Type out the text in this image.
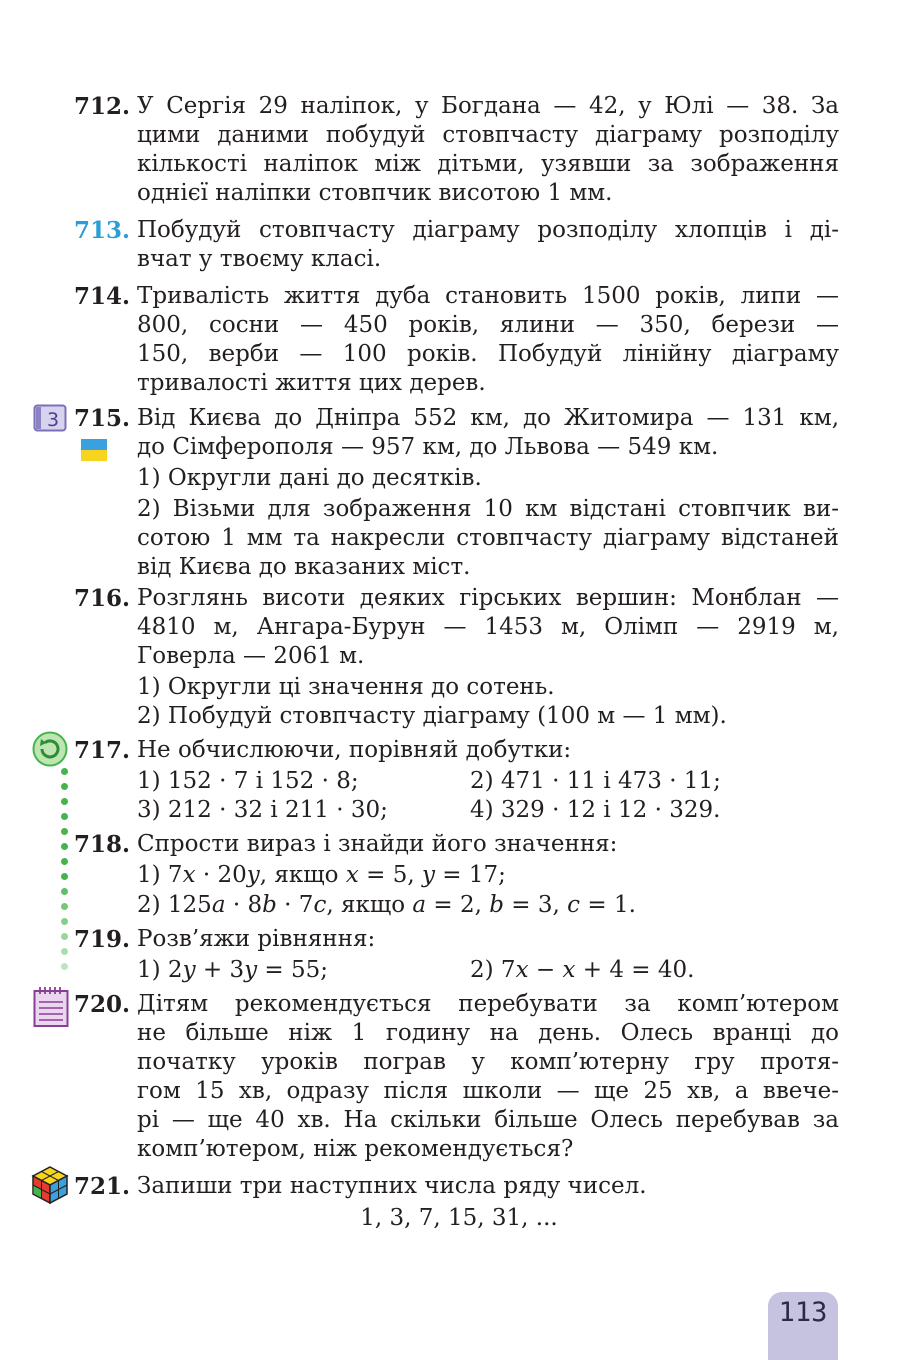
3
712. У Сергія 29 наліпок, у Богдана — 42, у Юлі — 38. За
цими даними побудуй стовпчасту діаграму розподілу
кількості наліпок між дітьми, узявши за зображення
однієї наліпки стовпчик висотою 1 мм.
713. Побудуй стовпчасту діаграму розподілу хлопців і ді-
вчат у твоєму класі.
714. Тривалість життя дуба становить 1500 років, липи —
800, сосни — 450 років, ялини — 350, берези —
150, верби — 100 років. Побудуй лінійну діаграму
тривалості життя цих дерев.
715. Від Києва до Дніпра 552 км, до Житомира — 131 км,
до Сімферополя — 957 км, до Львова — 549 км.
1) Округли дані до десятків.
2) Візьми для зображення 10 км відстані стовпчик ви-
сотою 1 мм та накресли стовпчасту діаграму відстаней
від Києва до вказаних міст.
716. Розглянь висоти деяких гірських вершин: Монблан —
4810 м, Ангара-Бурун — 1453 м, Олімп — 2919 м,
Говерла — 2061 м.
1) Округли ці значення до сотень.
2) Побудуй стовпчасту діаграму (100 м — 1 мм).
717. Не обчислюючи, порівняй добутки:
1) 152 · 7 і 152 · 8;	2) 471 · 11 і 473 · 11;
3) 212 · 32 і 211 · 30;	4) 329 · 12 і 12 · 329.
718. Спрости вираз і знайди його значення:
1) 7x · 20y, якщо x = 5, y = 17;
2) 125a · 8b · 7c, якщо a = 2, b = 3, c = 1.
719. Розв’яжи рівняння:
1) 2y + 3y = 55;	2) 7x − x + 4 = 40.
720. Дітям рекомендується перебувати за комп’ютером
не більше ніж 1 годину на день. Олесь вранці до
початку уроків пограв у комп’ютерну гру протя-
гом 15 хв, одразу після школи — ще 25 хв, а ввече-
рі — ще 40 хв. На скільки більше Олесь перебував за
комп’ютером, ніж рекомендується?
721. Запиши три наступних числа ряду чисел.
1, 3, 7, 15, 31, ...
113
